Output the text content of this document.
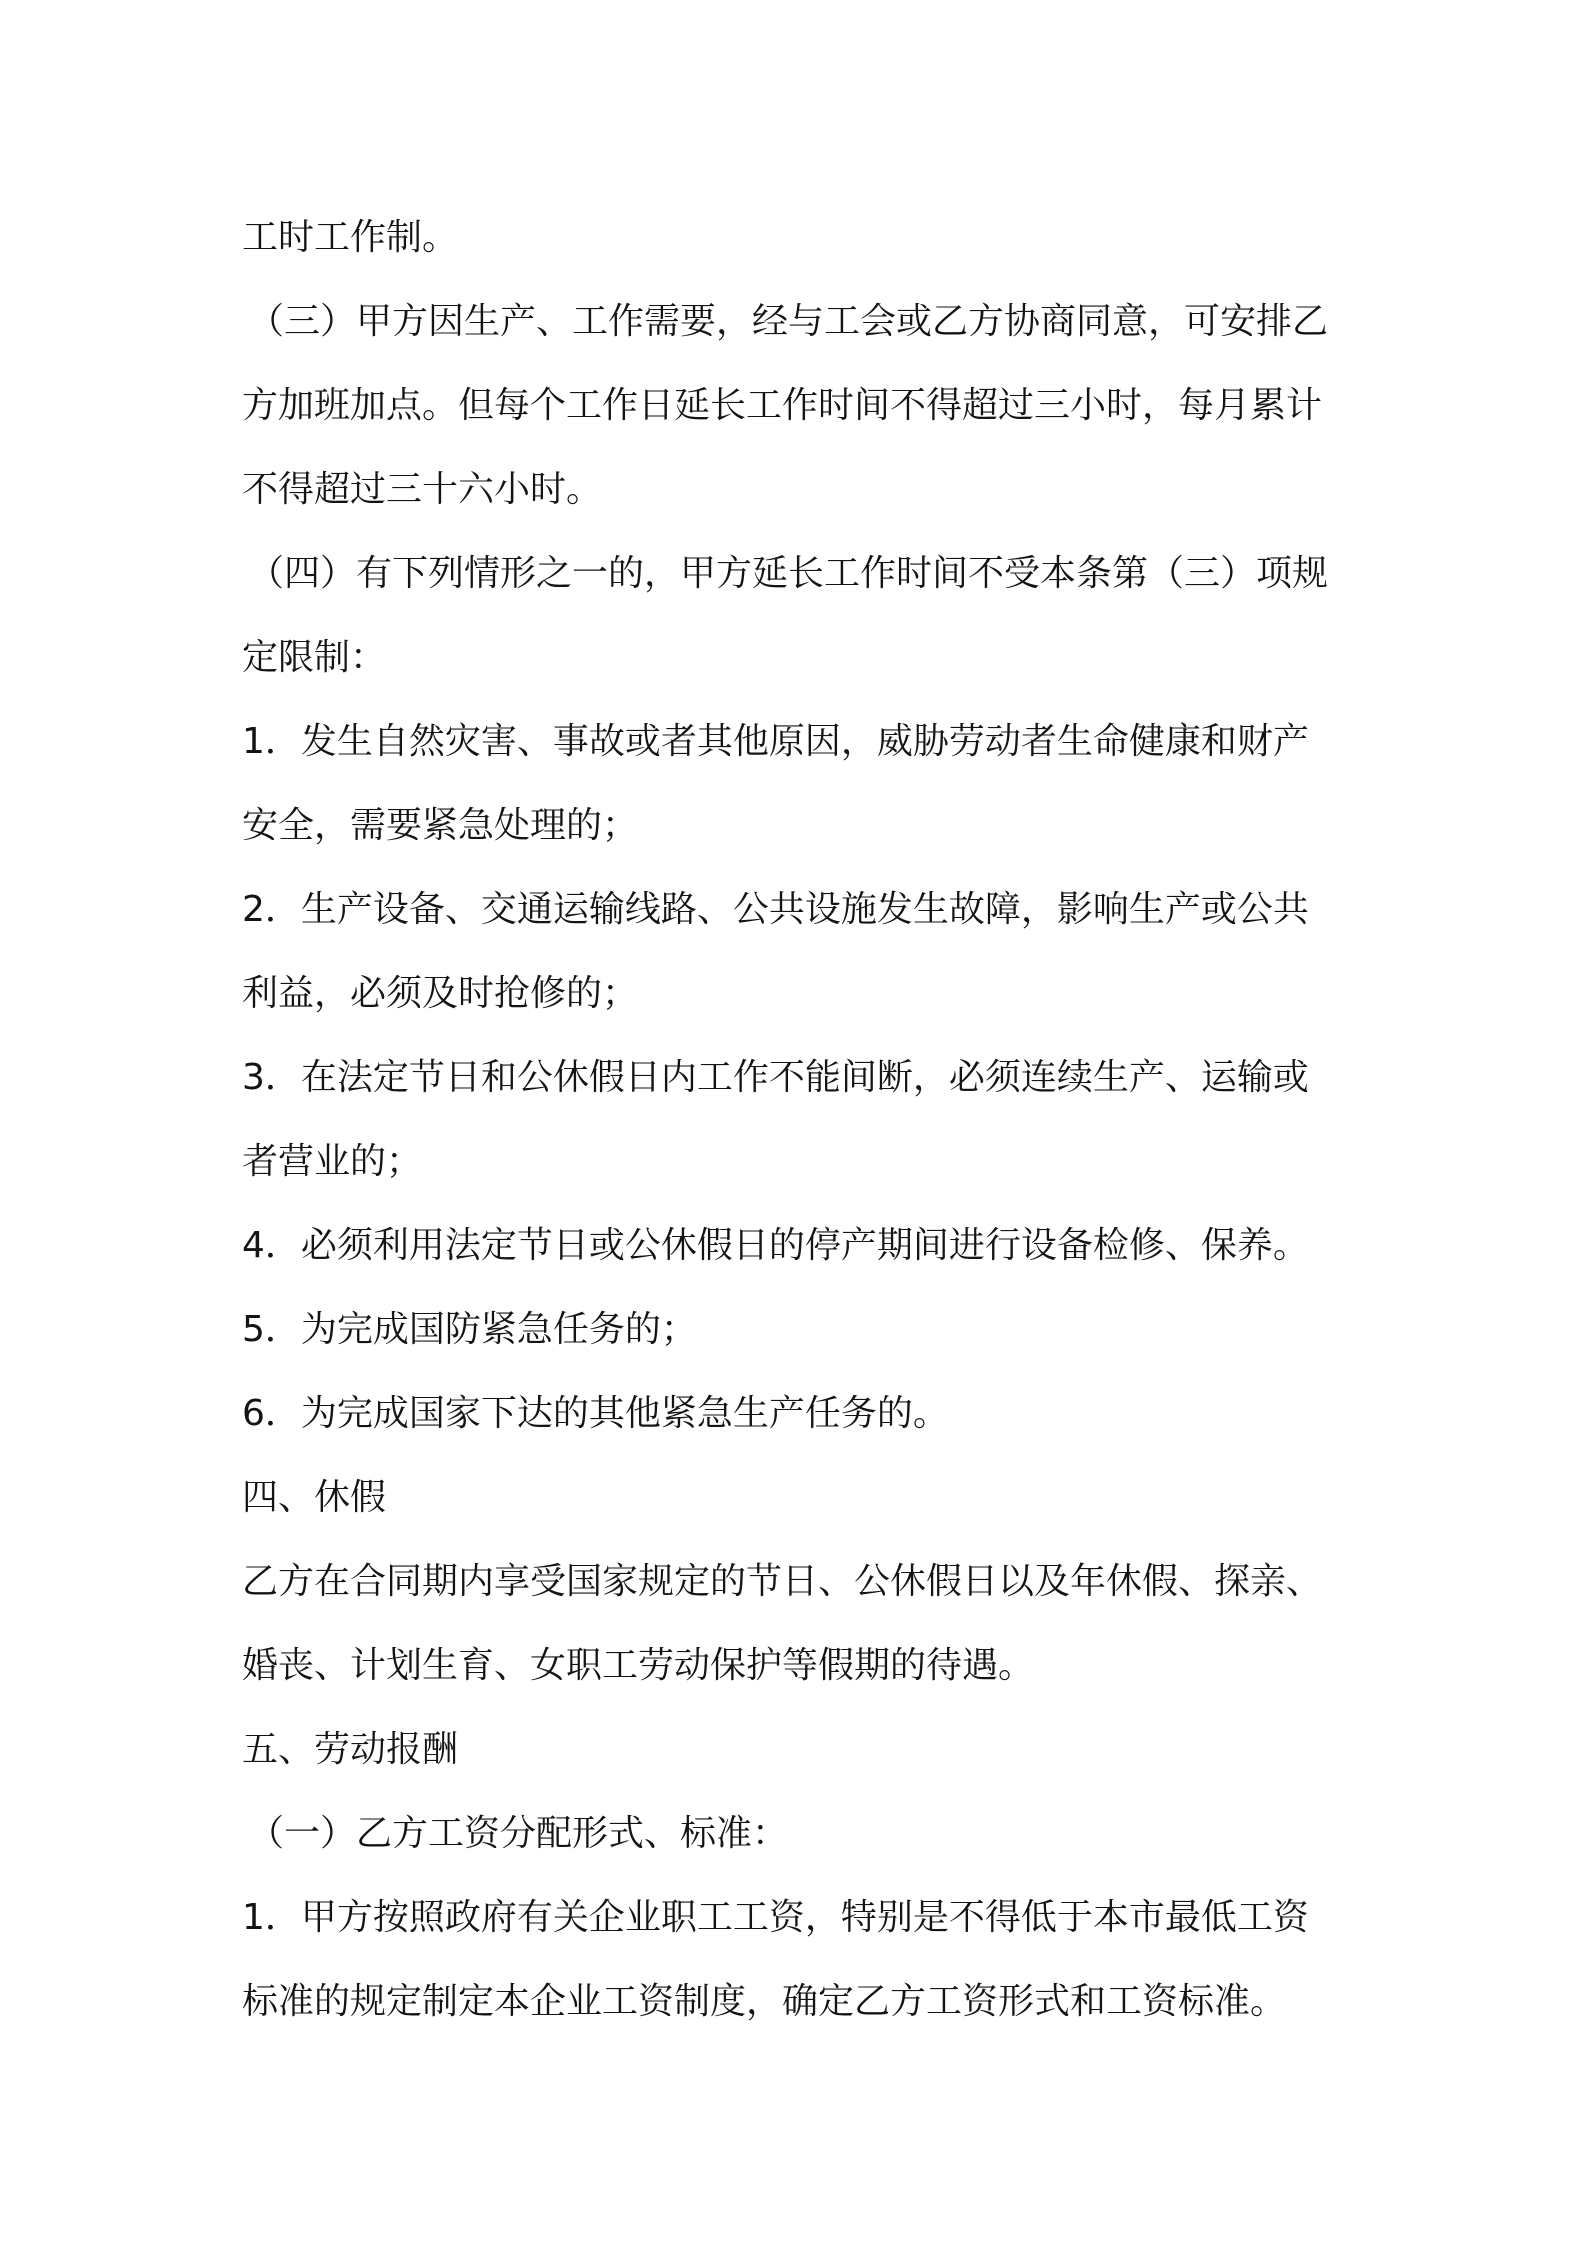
工时工作制。
（三）甲方因生产、工作需要，经与工会或乙方协商同意，可安排乙
方加班加点。但每个工作日延长工作时间不得超过三小时，每月累计
不得超过三十六小时。
（四）有下列情形之一的，甲方延长工作时间不受本条第（三）项规
定限制：
1．发生自然灾害、事故或者其他原因，威胁劳动者生命健康和财产
安全，需要紧急处理的；
2．生产设备、交通运输线路、公共设施发生故障，影响生产或公共
利益，必须及时抢修的；
3．在法定节日和公休假日内工作不能间断，必须连续生产、运输或
者营业的；
4．必须利用法定节日或公休假日的停产期间进行设备检修、保养。
5．为完成国防紧急任务的；
6．为完成国家下达的其他紧急生产任务的。
四、休假
乙方在合同期内享受国家规定的节日、公休假日以及年休假、探亲、
婚丧、计划生育、女职工劳动保护等假期的待遇。
五、劳动报酬
（一）乙方工资分配形式、标准：
1．甲方按照政府有关企业职工工资，特别是不得低于本市最低工资
标准的规定制定本企业工资制度，确定乙方工资形式和工资标准。
